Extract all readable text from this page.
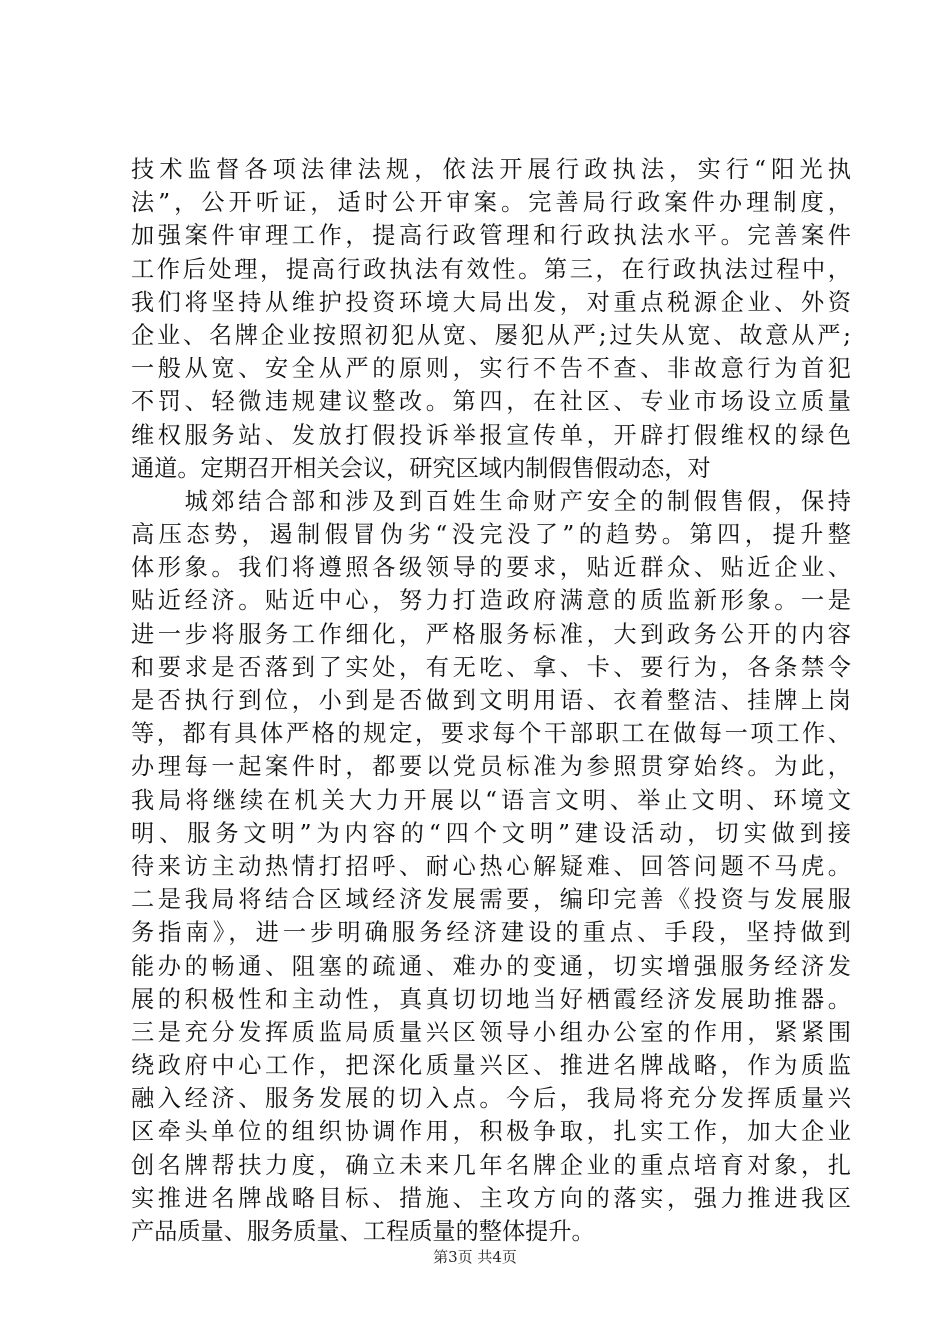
技术监督各项法律法规，依法开展行政执法，实行“阳光执
法”，公开听证，适时公开审案。完善局行政案件办理制度，
加强案件审理工作，提高行政管理和行政执法水平。完善案件
工作后处理，提高行政执法有效性。第三，在行政执法过程中，
我们将坚持从维护投资环境大局出发，对重点税源企业、外资
企业、名牌企业按照初犯从宽、屡犯从严;过失从宽、故意从严;
一般从宽、安全从严的原则，实行不告不查、非故意行为首犯
不罚、轻微违规建议整改。第四，在社区、专业市场设立质量
维权服务站、发放打假投诉举报宣传单，开辟打假维权的绿色
通道。定期召开相关会议，研究区域内制假售假动态，对
　　城郊结合部和涉及到百姓生命财产安全的制假售假，保持
高压态势，遏制假冒伪劣“没完没了”的趋势。第四，提升整
体形象。我们将遵照各级领导的要求，贴近群众、贴近企业、
贴近经济。贴近中心，努力打造政府满意的质监新形象。一是
进一步将服务工作细化，严格服务标准，大到政务公开的内容
和要求是否落到了实处，有无吃、拿、卡、要行为，各条禁令
是否执行到位，小到是否做到文明用语、衣着整洁、挂牌上岗
等，都有具体严格的规定，要求每个干部职工在做每一项工作、
办理每一起案件时，都要以党员标准为参照贯穿始终。为此，
我局将继续在机关大力开展以“语言文明、举止文明、环境文
明、服务文明”为内容的“四个文明”建设活动，切实做到接
待来访主动热情打招呼、耐心热心解疑难、回答问题不马虎。
二是我局将结合区域经济发展需要，编印完善《投资与发展服
务指南》，进一步明确服务经济建设的重点、手段，坚持做到
能办的畅通、阻塞的疏通、难办的变通，切实增强服务经济发
展的积极性和主动性，真真切切地当好栖霞经济发展助推器。
三是充分发挥质监局质量兴区领导小组办公室的作用，紧紧围
绕政府中心工作，把深化质量兴区、推进名牌战略，作为质监
融入经济、服务发展的切入点。今后，我局将充分发挥质量兴
区牵头单位的组织协调作用，积极争取，扎实工作，加大企业
创名牌帮扶力度，确立未来几年名牌企业的重点培育对象，扎
实推进名牌战略目标、措施、主攻方向的落实，强力推进我区
产品质量、服务质量、工程质量的整体提升。
第3页 共4页
